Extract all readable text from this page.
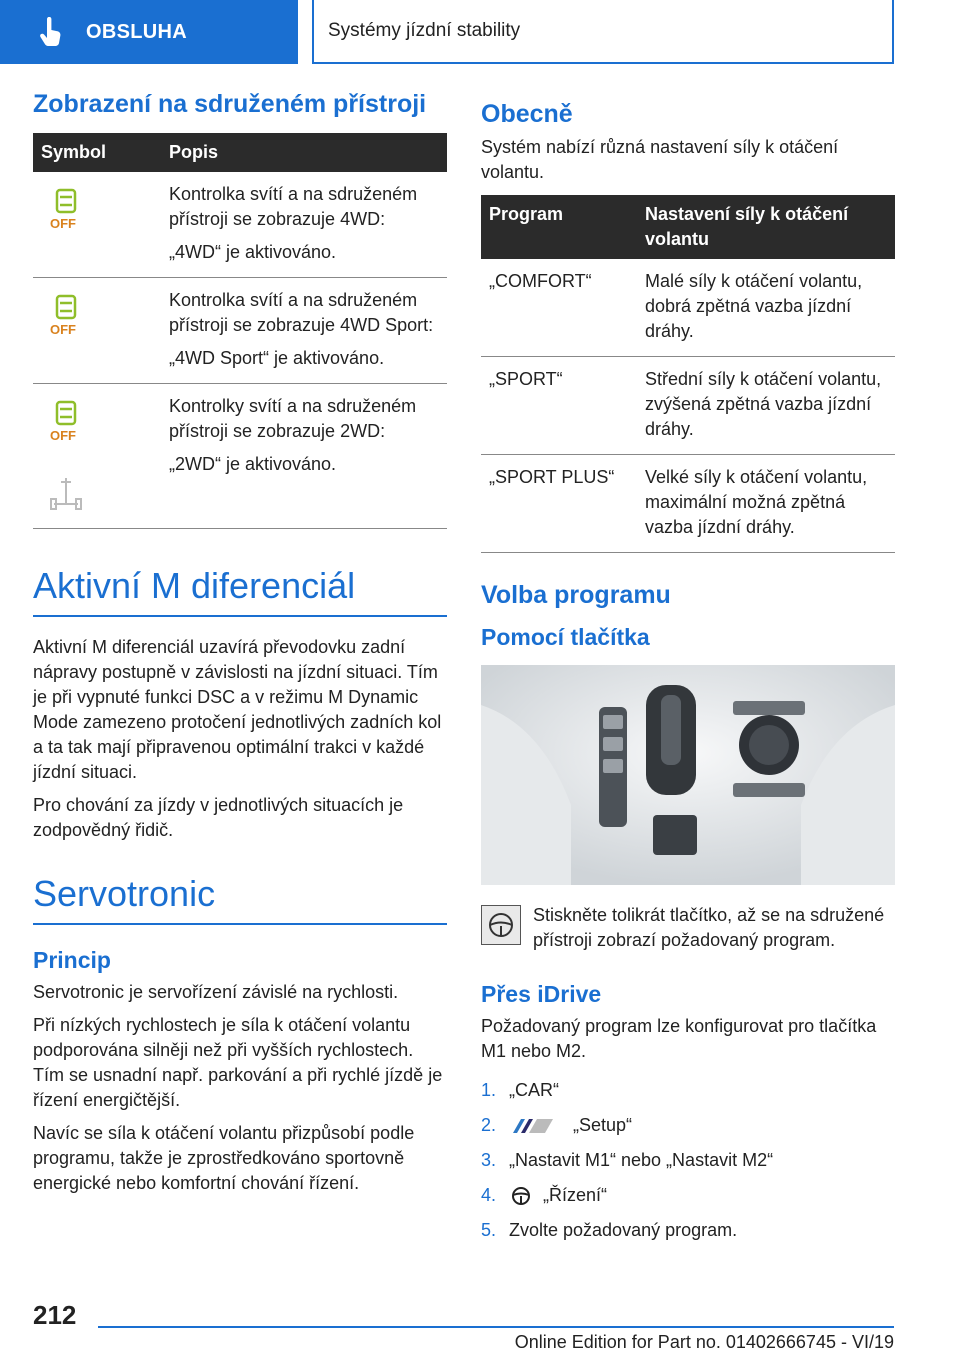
OBSLUHA	Systémy jízdní stability
Zobrazení na sdruženém přístroji
Symbol	Popis

OFF	Kontrolka svítí a na sdruženém přístroji se zobrazuje 4WD:

„4WD“ je aktivováno.

OFF	Kontrolka svítí a na sdruženém přístroji se zobrazuje 4WD Sport:

„4WD Sport“ je aktivováno.

OFF	Kontrolky svítí a na sdruženém přístroji se zobrazuje 2WD:

„2WD“ je aktivováno.

Aktivní M diferenciál

Aktivní M diferenciál uzavírá převodovku zadní nápravy postupně v závislosti na jízdní situaci. Tím je při vypnuté funkci DSC a v režimu M Dynamic Mode zamezeno protočení jednotlivých zadních kol a ta tak mají připravenou optimální trakci v každé jízdní situaci.

Pro chování za jízdy v jednotlivých situacích je zodpovědný řidič.

Servotronic
Princip

Servotronic je servořízení závislé na rychlosti.

Při nízkých rychlostech je síla k otáčení volantu podporována silněji než při vyšších rychlostech. Tím se usnadní např. parkování a při rychlé jízdě je řízení energičtější.

Navíc se síla k otáčení volantu přizpůsobí podle programu, takže je zprostředkováno sportovně energické nebo komfortní chování řízení.

Obecně

Systém nabízí různá nastavení síly k otáčení volantu.

Program	Nastavení síly k otáčení volantu
„COMFORT“	Malé síly k otáčení volantu, dobrá zpětná vazba jízdní dráhy.
„SPORT“	Střední síly k otáčení volantu, zvýšená zpětná vazba jízdní dráhy.
„SPORT PLUS“	Velké síly k otáčení volantu, maximální možná zpětná vazba jízdní dráhy.
Volba programu
Pomocí tlačítka

Stiskněte tolikrát tlačítko, až se na sdružené přístroji zobrazí požadovaný program.

Přes iDrive

Požadovaný program lze konfigurovat pro tlačítka M1 nebo M2.

1. „CAR“
2.	„Setup“
3. „Nastavit M1“ nebo „Nastavit M2“
4.	„Řízení“
5. Zvolte požadovaný program.
212
Online Edition for Part no. 01402666745 - VI/19
